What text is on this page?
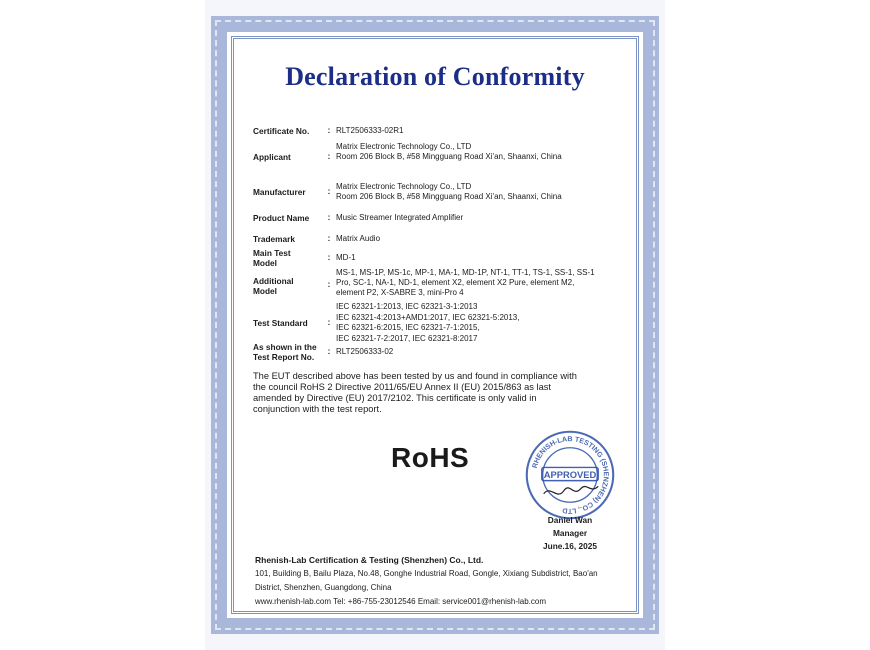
Declaration of Conformity
Certificate No.	: RLT2506333-02R1
Applicant	:
Matrix Electronic Technology Co., LTD
Room 206 Block B, #58 Mingguang Road Xi'an, Shaanxi, China
Manufacturer	:
Matrix Electronic Technology Co., LTD
Room 206 Block B, #58 Mingguang Road Xi'an, Shaanxi, China
Product Name	: Music Streamer Integrated Amplifier
Trademark	: Matrix Audio
Main Test
Model
: MD-1
Additional
Model
:
MS-1, MS-1P, MS-1c, MP-1, MA-1, MD-1P, NT-1, TT-1, TS-1, SS-1, SS-1
Pro, SC-1, NA-1, ND-1, element X2, element X2 Pure, element M2,
element P2, X-SABRE 3, mini-Pro 4
Test Standard	:
IEC 62321-1:2013, IEC 62321-3-1:2013
IEC 62321-4:2013+AMD1:2017, IEC 62321-5:2013,
IEC 62321-6:2015, IEC 62321-7-1:2015,
IEC 62321-7-2:2017, IEC 62321-8:2017
As shown in the
Test Report No.
: RLT2506333-02
The EUT described above has been tested by us and found in compliance with the council RoHS 2 Directive 2011/65/EU Annex II (EU) 2015/863 as last amended by Directive (EU) 2017/2102. This certificate is only valid in conjunction with the test report.
RoHS	RHENISH-LAB TESTING (SHENZHEN) CO., LTD
APPROVED
Daniel Wan
Manager
June.16, 2025
Rhenish-Lab Certification & Testing (Shenzhen) Co., Ltd.
101, Building B, Bailu Plaza, No.48, Gonghe Industrial Road, Gongle, Xixiang Subdistrict, Bao'an
District, Shenzhen, Guangdong, China
www.rhenish-lab.com Tel: +86-755-23012546 Email: service001@rhenish-lab.com
